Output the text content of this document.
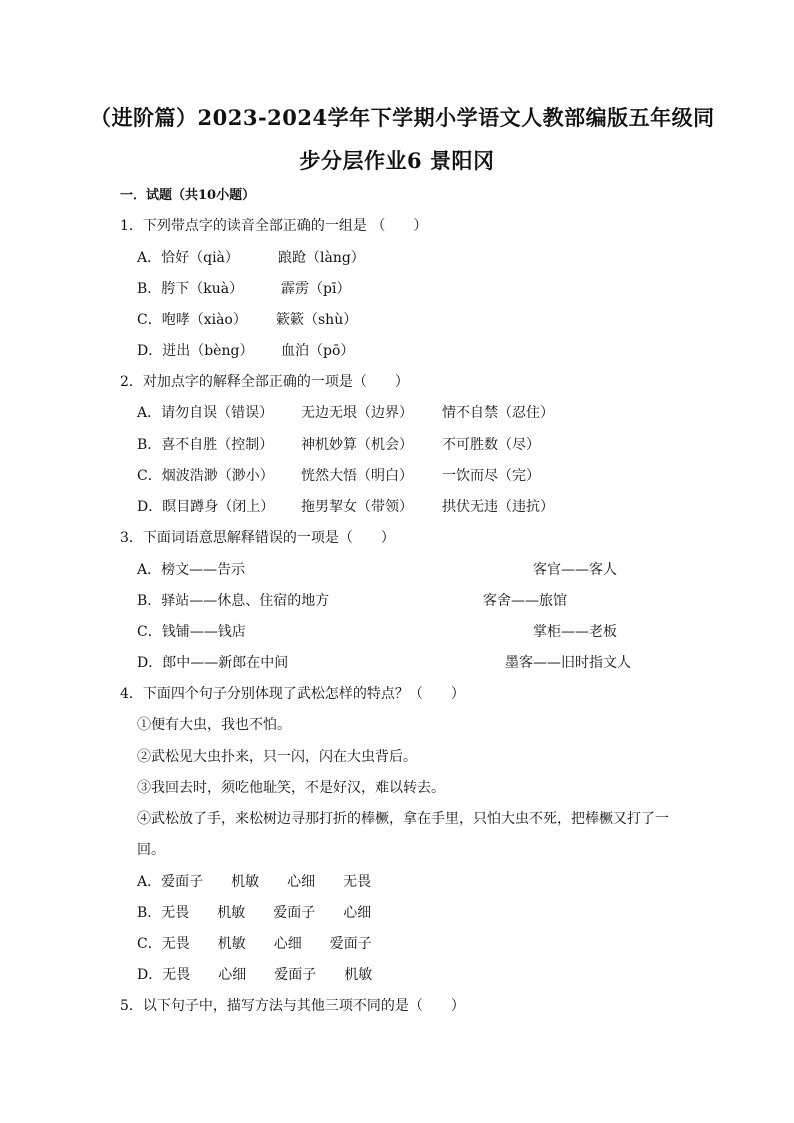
（进阶篇）2023-2024学年下学期小学语文人教部编版五年级同
步分层作业6 景阳冈
一．试题（共10小题）
1．下列带点字的读音全部正确的一组是 （　　）
A．恰好（qià）	踉跄（làng）
B．胯下（kuà）	霹雳（pī）
C．咆哮（xiào） 簌簌（shù）
D．迸出（bèng） 血泊（pō）
2．对加点字的解释全部正确的一项是（　　）
A．请勿自误（错误） 无边无垠（边界） 情不自禁（忍住）
B．喜不自胜（控制） 神机妙算（机会） 不可胜数（尽）
C．烟波浩渺（渺小） 恍然大悟（明白） 一饮而尽（完）
D．瞑目蹲身（闭上） 拖男挈女（带领） 拱伏无违（违抗）
3．下面词语意思解释错误的一项是（　　）
A．榜文——告示	客官——客人
B．驿站——休息、住宿的地方	客舍——旅馆
C．钱铺——钱店	掌柜——老板
D．郎中——新郎在中间	墨客——旧时指文人
4．下面四个句子分别体现了武松怎样的特点？（　　）
①便有大虫，我也不怕。
②武松见大虫扑来，只一闪，闪在大虫背后。
③我回去时，须吃他耻笑，不是好汉，难以转去。
④武松放了手，来松树边寻那打折的棒橛，拿在手里，只怕大虫不死，把棒橛又打了一
回。
A．爱面子　　机敏　　心细　　无畏
B．无畏　　机敏　　爱面子　　心细
C．无畏　　机敏　　心细　　爱面子
D．无畏　　心细　　爱面子　　机敏
5．以下句子中，描写方法与其他三项不同的是（　　）
